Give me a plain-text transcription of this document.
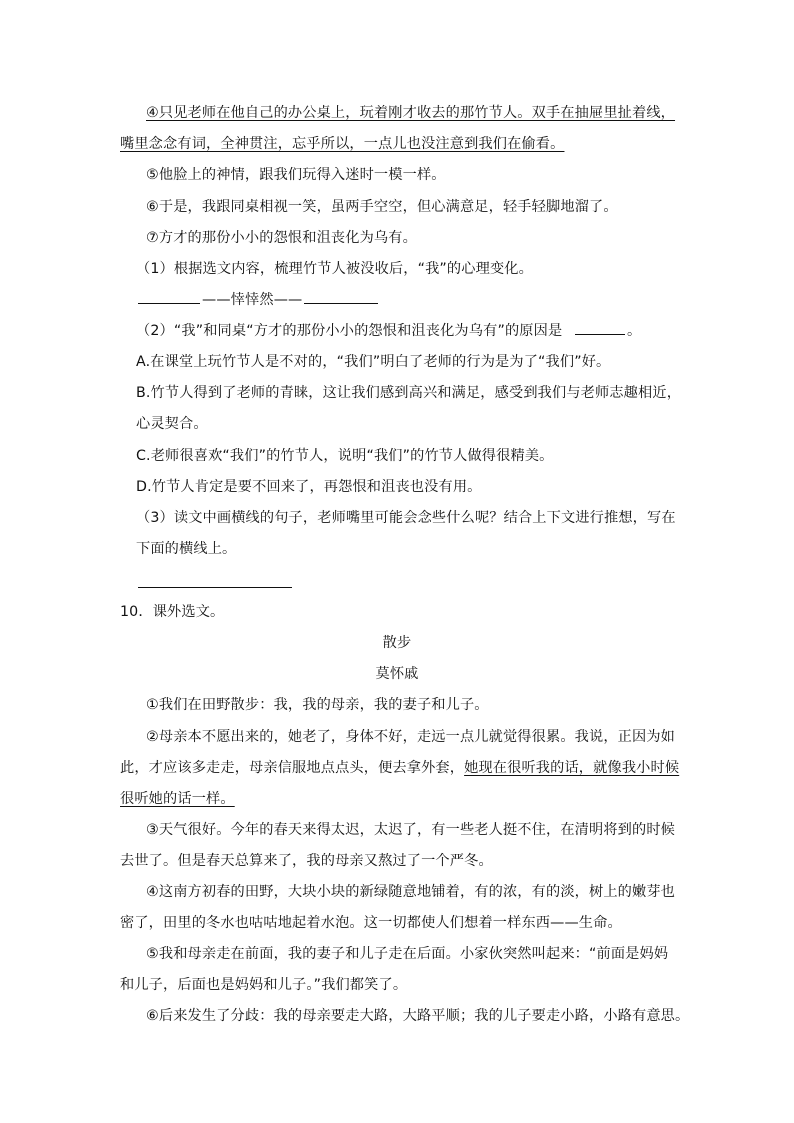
④只见老师在他自己的办公桌上，玩着刚才收去的那竹节人。双手在抽屉里扯着线，
嘴里念念有词，全神贯注，忘乎所以，一点儿也没注意到我们在偷看。
⑤他脸上的神情，跟我们玩得入迷时一模一样。
⑥于是，我跟同桌相视一笑，虽两手空空，但心满意足，轻手轻脚地溜了。
⑦方才的那份小小的怨恨和沮丧化为乌有。
（1）根据选文内容，梳理竹节人被没收后，“我”的心理变化。
——悻悻然——
（2）“我”和同桌“方才的那份小小的怨恨和沮丧化为乌有”的原因是	。
A.在课堂上玩竹节人是不对的，“我们”明白了老师的行为是为了“我们”好。
B.竹节人得到了老师的青睐，这让我们感到高兴和满足，感受到我们与老师志趣相近，
心灵契合。
C.老师很喜欢“我们”的竹节人，说明“我们”的竹节人做得很精美。
D.竹节人肯定是要不回来了，再怨恨和沮丧也没有用。
（3）读文中画横线的句子，老师嘴里可能会念些什么呢？结合上下文进行推想，写在
下面的横线上。
10．课外选文。
散步
莫怀戚
①我们在田野散步：我，我的母亲，我的妻子和儿子。
②母亲本不愿出来的，她老了，身体不好，走远一点儿就觉得很累。我说，正因为如
此，才应该多走走，母亲信服地点点头，便去拿外套，她现在很听我的话，就像我小时候
很听她的话一样。
③天气很好。今年的春天来得太迟，太迟了，有一些老人挺不住，在清明将到的时候
去世了。但是春天总算来了，我的母亲又熬过了一个严冬。
④这南方初春的田野，大块小块的新绿随意地铺着，有的浓，有的淡，树上的嫩芽也
密了，田里的冬水也咕咕地起着水泡。这一切都使人们想着一样东西——生命。
⑤我和母亲走在前面，我的妻子和儿子走在后面。小家伙突然叫起来：“前面是妈妈
和儿子，后面也是妈妈和儿子。”我们都笑了。
⑥后来发生了分歧：我的母亲要走大路，大路平顺；我的儿子要走小路，小路有意思。
